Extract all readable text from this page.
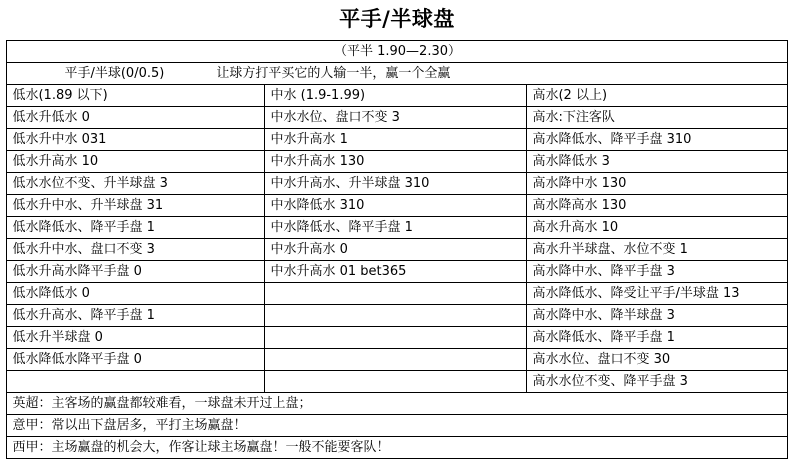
平手/半球盘
（平半 1.90—2.30）		
平手/半球(0/0.5) 让球方打平买它的人输一半，赢一个全赢		
低水(1.89 以下)	中水 (1.9-1.99)	高水(2 以上)
低水升低水 0	中水水位、盘口不变 3	高水:下注客队
低水升中水 031	中水升高水 1	高水降低水、降平手盘 310
低水升高水 10	中水升高水 130	高水降低水 3
低水水位不变、升半球盘 3	中水升高水、升半球盘 310	高水降中水 130
低水升中水、升半球盘 31	中水降低水 310	高水降高水 130
低水降低水、降平手盘 1	中水降低水、降平手盘 1	高水升高水 10
低水升中水、盘口不变 3	中水升高水 0	高水升半球盘、水位不变 1
低水升高水降平手盘 0	中水升高水 01 bet365	高水降中水、降平手盘 3
低水降低水 0		高水降低水、降受让平手/半球盘 13
低水升高水、降平手盘 1		高水降中水、降半球盘 3
低水升半球盘 0		高水降低水、降平手盘 1
低水降低水降平手盘 0		高水水位、盘口不变 30
		高水水位不变、降平手盘 3
英超：主客场的赢盘都较难看，一球盘未开过上盘；		
意甲：常以出下盘居多，平打主场赢盘！		
西甲：主场赢盘的机会大，作客让球主场赢盘！一般不能要客队！		
